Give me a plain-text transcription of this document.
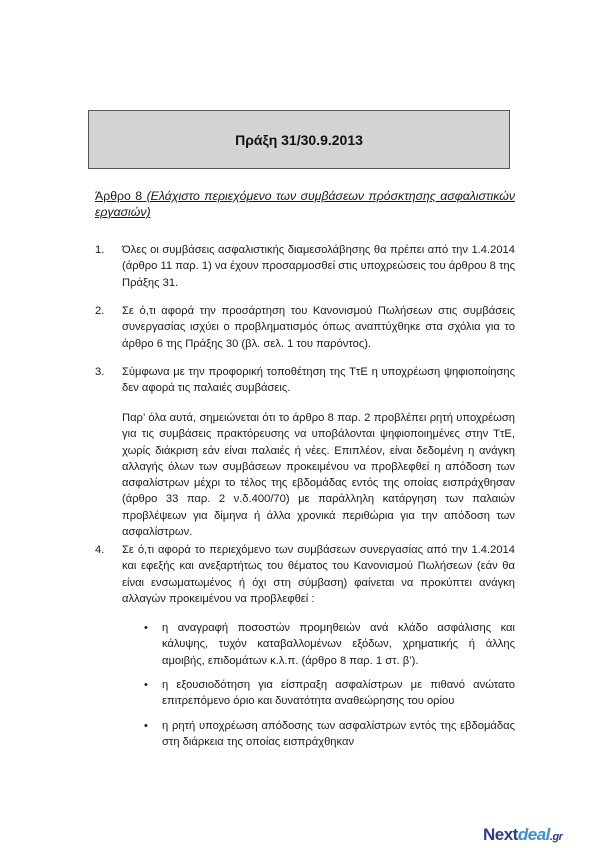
Πράξη 31/30.9.2013
Άρθρο 8 (Ελάχιστο περιεχόμενο των συμβάσεων πρόσκτησης ασφαλιστικών εργασιών)
1. Όλες οι συμβάσεις ασφαλιστικής διαμεσολάβησης θα πρέπει από την 1.4.2014 (άρθρο 11 παρ. 1) να έχουν προσαρμοσθεί στις υποχρεώσεις του άρθρου 8 της Πράξης 31.
2. Σε ό,τι αφορά την προσάρτηση του Κανονισμού Πωλήσεων στις συμβάσεις συνεργασίας ισχύει ο προβληματισμός όπως αναπτύχθηκε στα σχόλια για το άρθρο 6 της Πράξης 30 (βλ. σελ. 1 του παρόντος).
3. Σύμφωνα με την προφορική τοποθέτηση της ΤτΕ η υποχρέωση ψηφιοποίησης δεν αφορά τις παλαιές συμβάσεις.
Παρ’ όλα αυτά, σημειώνεται ότι το άρθρο 8 παρ. 2 προβλέπει ρητή υποχρέωση για τις συμβάσεις πρακτόρευσης να υποβάλονται ψηφιοποιημένες στην ΤτΕ, χωρίς διάκριση εάν είναι παλαιές ή νέες. Επιπλέον, είναι δεδομένη η ανάγκη αλλαγής όλων των συμβάσεων προκειμένου να προβλεφθεί η απόδοση των ασφαλίστρων μέχρι το τέλος της εβδομάδας εντός της οποίας εισπράχθησαν (άρθρο 33 παρ. 2 ν.δ.400/70) με παράλληλη κατάργηση των παλαιών προβλέψεων για δίμηνα ή άλλα χρονικά περιθώρια για την απόδοση των ασφαλίστρων.
4. Σε ό,τι αφορά το περιεχόμενο των συμβάσεων συνεργασίας από την 1.4.2014 και εφεξής και ανεξαρτήτως του θέματος του Κανονισμού Πωλήσεων (εάν θα είναι ενσωματωμένος ή όχι στη σύμβαση) φαίνεται να προκύπτει ανάγκη αλλαγών προκειμένου να προβλεφθεί :
• η αναγραφή ποσοστών προμηθειών ανά κλάδο ασφάλισης και κάλυψης, τυχόν καταβαλλομένων εξόδων, χρηματικής ή άλλης αμοιβής, επιδομάτων κ.λ.π. (άρθρο 8 παρ. 1 στ. β’).
• η εξουσιοδότηση για είσπραξη ασφαλίστρων με πιθανό ανώτατο επιτρεπόμενο όριο και δυνατότητα αναθεώρησης του ορίου
• η ρητή υποχρέωση απόδοσης των ασφαλίστρων εντός της εβδομάδας στη διάρκεια της οποίας εισπράχθηκαν
Nextdeal.gr
